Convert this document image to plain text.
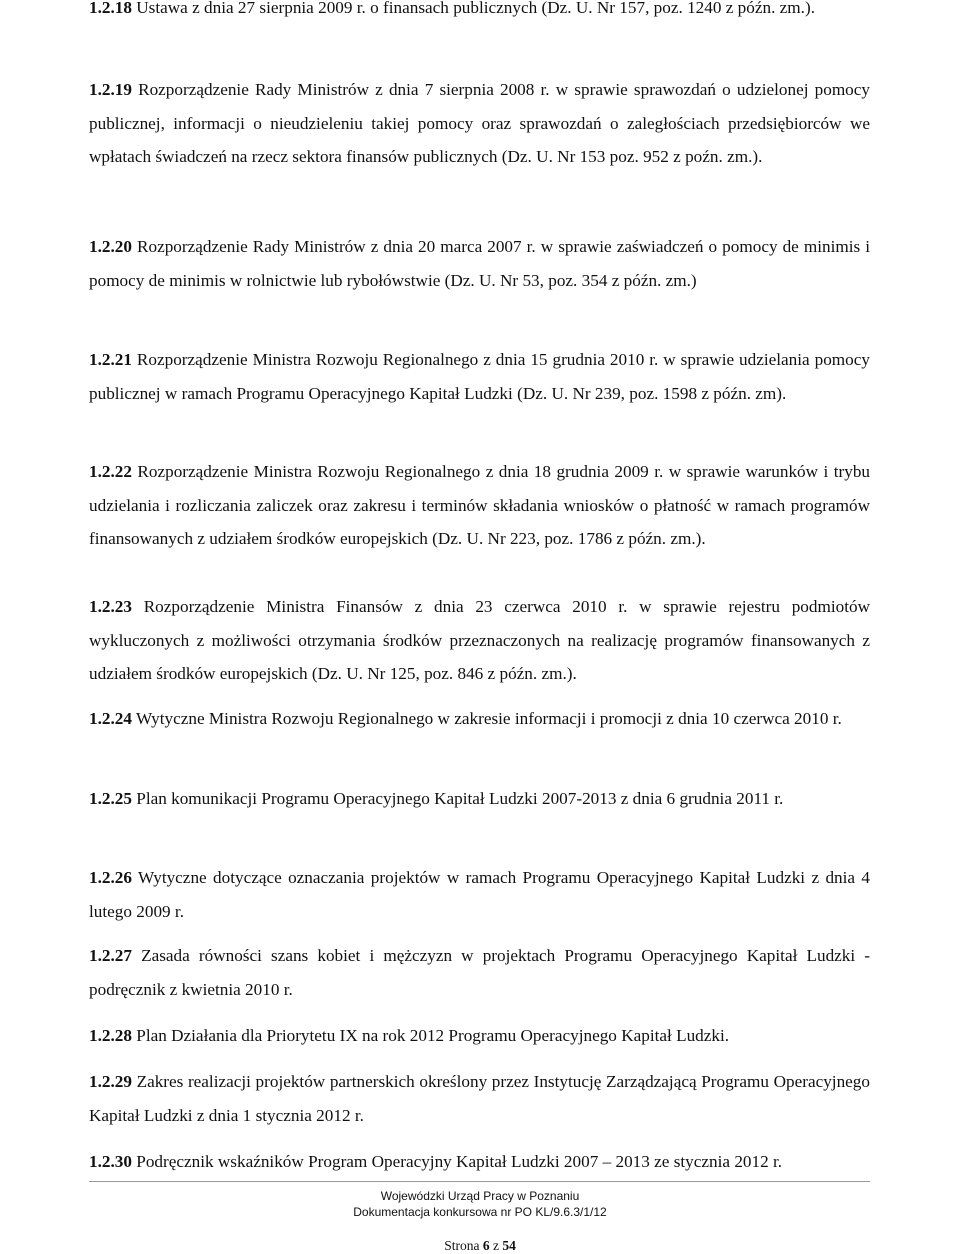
1.2.18 Ustawa z dnia 27 sierpnia 2009 r. o finansach publicznych (Dz. U. Nr 157, poz. 1240 z późn. zm.).

1.2.19 Rozporządzenie Rady Ministrów z dnia 7 sierpnia 2008 r. w sprawie sprawozdań o udzielonej pomocy publicznej, informacji o nieudzieleniu takiej pomocy oraz sprawozdań o zaległościach przedsiębiorców we wpłatach świadczeń na rzecz sektora finansów publicznych (Dz. U. Nr 153 poz. 952 z poźn. zm.).

1.2.20 Rozporządzenie Rady Ministrów z dnia 20 marca 2007 r. w sprawie zaświadczeń o pomocy de minimis i pomocy de minimis w rolnictwie lub rybołówstwie (Dz. U. Nr 53, poz. 354 z późn. zm.)

1.2.21 Rozporządzenie Ministra Rozwoju Regionalnego z dnia 15 grudnia 2010 r. w sprawie udzielania pomocy publicznej w ramach Programu Operacyjnego Kapitał Ludzki (Dz. U. Nr 239, poz. 1598 z późn. zm).

1.2.22 Rozporządzenie Ministra Rozwoju Regionalnego z dnia 18 grudnia 2009 r. w sprawie warunków i trybu udzielania i rozliczania zaliczek oraz zakresu i terminów składania wniosków o płatność w ramach programów finansowanych z udziałem środków europejskich (Dz. U. Nr 223, poz. 1786 z późn. zm.).

1.2.23 Rozporządzenie Ministra Finansów z dnia 23 czerwca 2010 r. w sprawie rejestru podmiotów wykluczonych z możliwości otrzymania środków przeznaczonych na realizację programów finansowanych z udziałem środków europejskich (Dz. U. Nr 125, poz. 846 z późn. zm.).

1.2.24 Wytyczne Ministra Rozwoju Regionalnego w zakresie informacji i promocji z dnia 10 czerwca 2010 r.

1.2.25 Plan komunikacji Programu Operacyjnego Kapitał Ludzki 2007-2013 z dnia 6 grudnia 2011 r.

1.2.26 Wytyczne dotyczące oznaczania projektów w ramach Programu Operacyjnego Kapitał Ludzki z dnia 4 lutego 2009 r.

1.2.27 Zasada równości szans kobiet i mężczyzn w projektach Programu Operacyjnego Kapitał Ludzki - podręcznik z kwietnia 2010 r.

1.2.28 Plan Działania dla Priorytetu IX na rok 2012 Programu Operacyjnego Kapitał Ludzki.

1.2.29 Zakres realizacji projektów partnerskich określony przez Instytucję Zarządzającą Programu Operacyjnego Kapitał Ludzki z dnia 1 stycznia 2012 r.

1.2.30 Podręcznik wskaźników Program Operacyjny Kapitał Ludzki 2007 – 2013 ze stycznia 2012 r.

Wojewódzki Urząd Pracy w Poznaniu
Dokumentacja konkursowa nr PO KL/9.6.3/1/12
Strona 6 z 54
